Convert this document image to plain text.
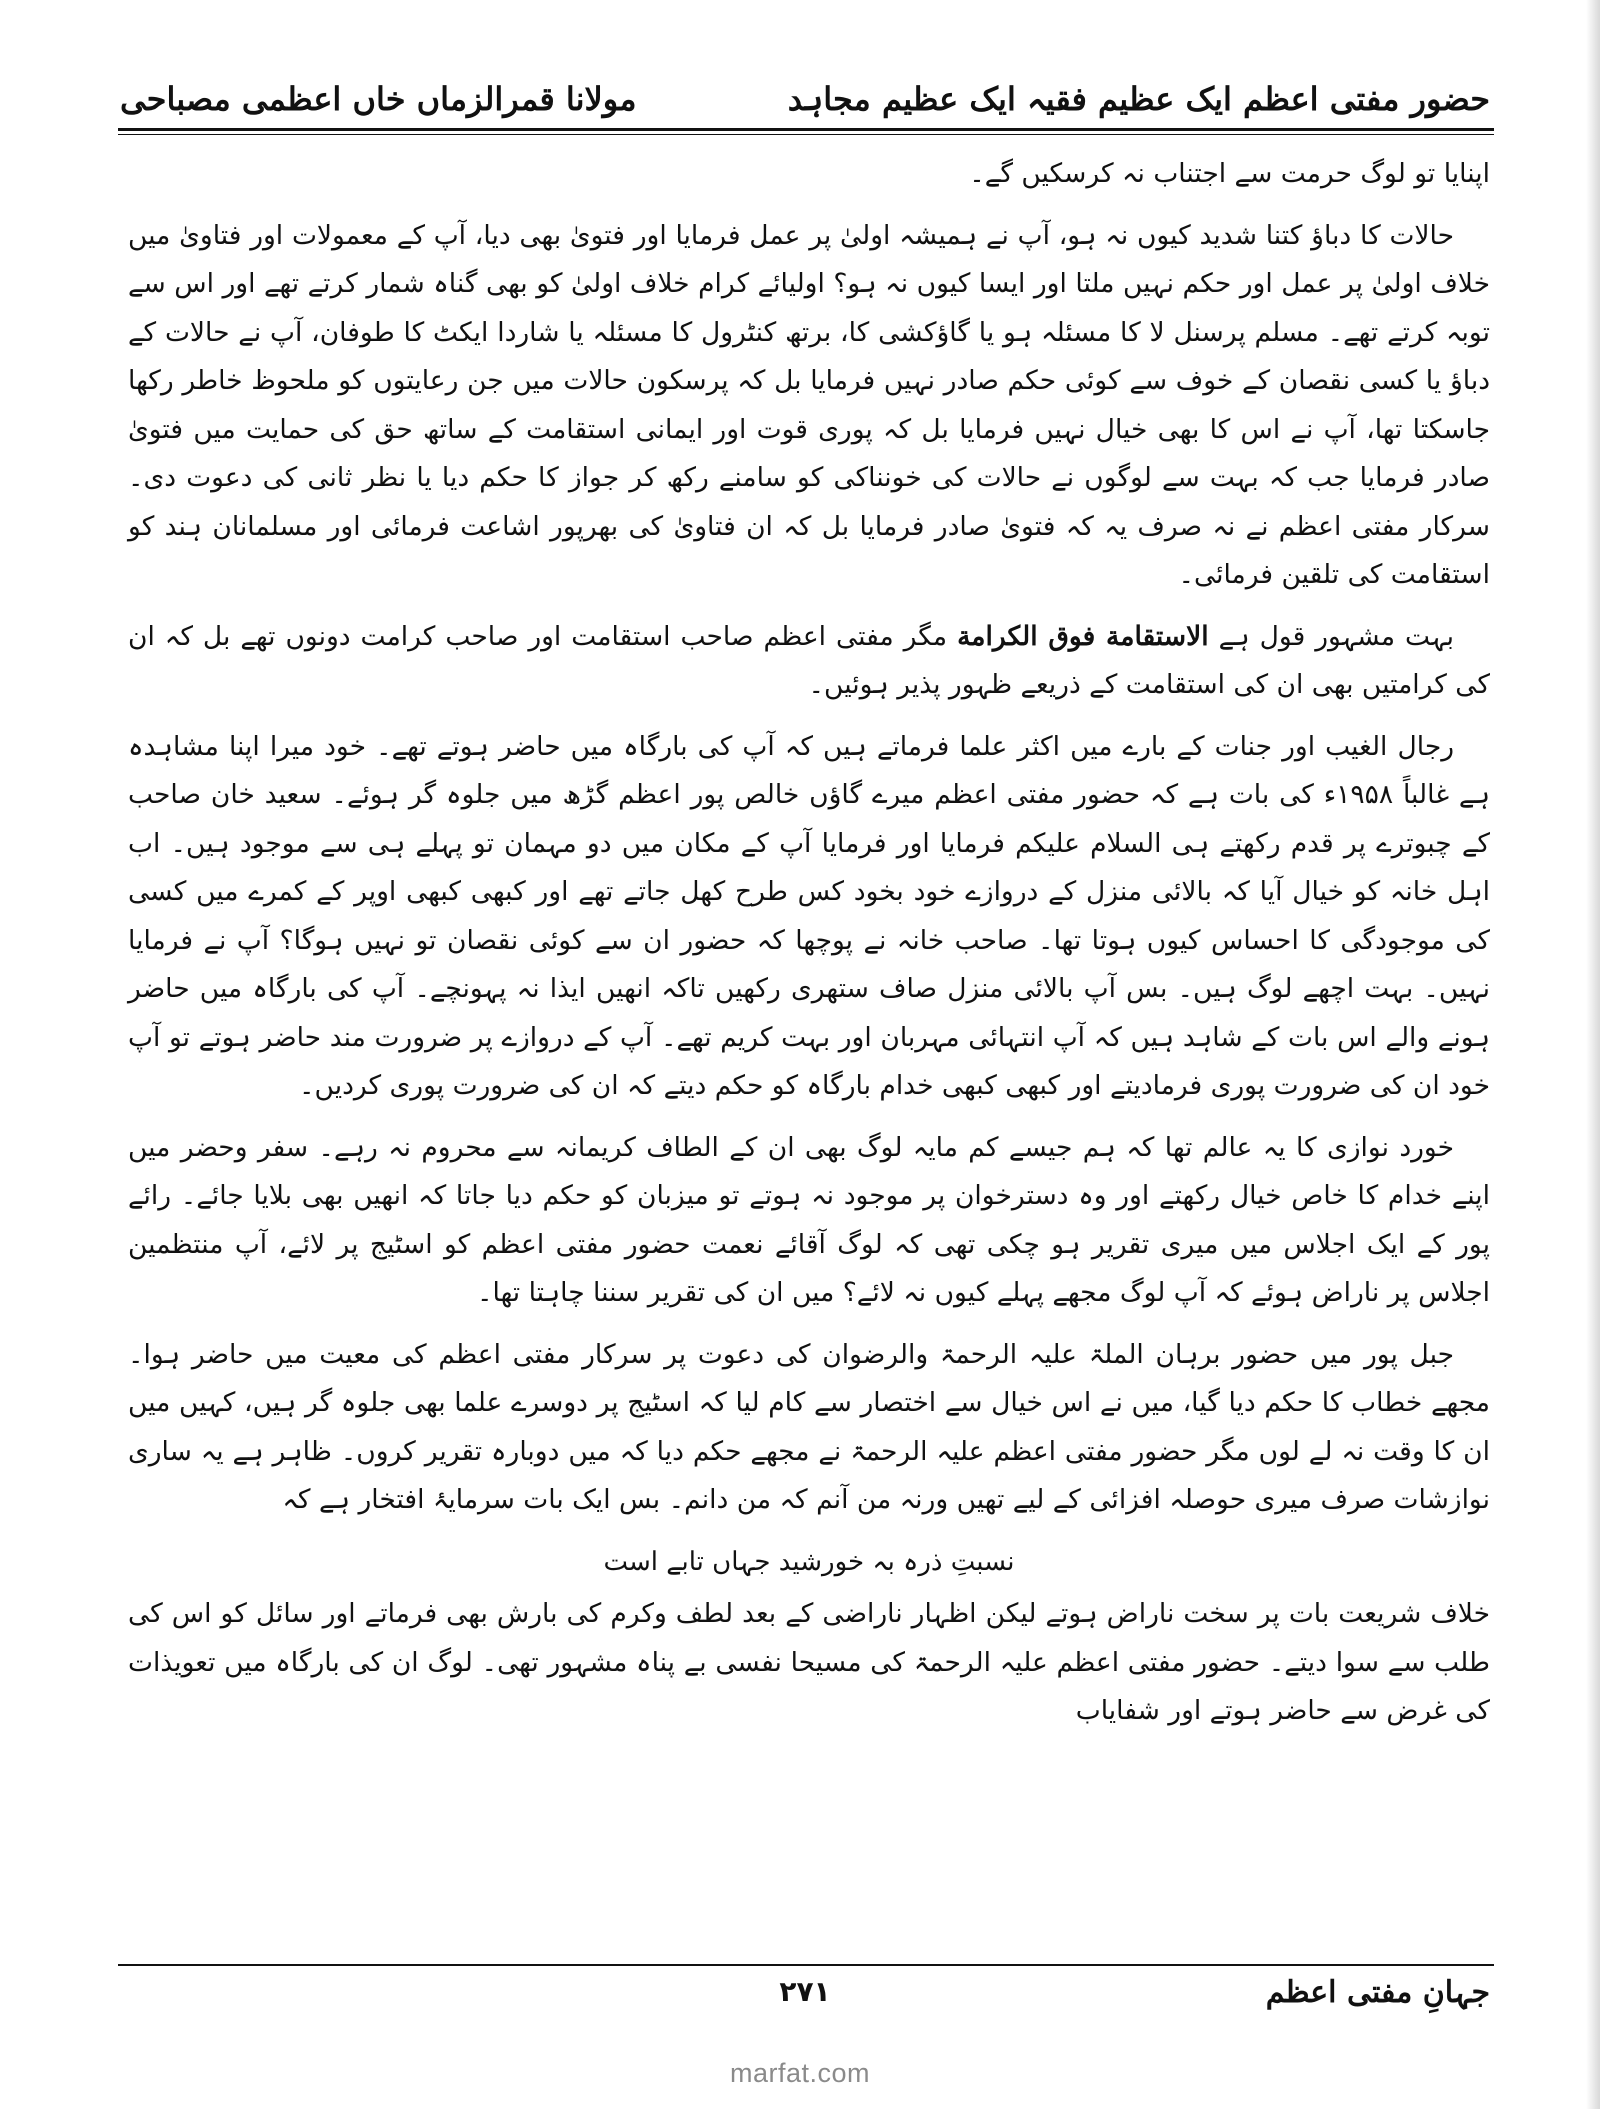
حضور مفتی اعظم ایک عظیم فقیہ ایک عظیم مجاہد
مولانا قمرالزماں خاں اعظمی مصباحی

اپنایا تو لوگ حرمت سے اجتناب نہ کرسکیں گے۔

حالات کا دباؤ کتنا شدید کیوں نہ ہو، آپ نے ہمیشہ اولیٰ پر عمل فرمایا اور فتویٰ بھی دیا، آپ کے معمولات اور فتاویٰ میں خلاف اولیٰ پر عمل اور حکم نہیں ملتا اور ایسا کیوں نہ ہو؟ اولیائے کرام خلاف اولیٰ کو بھی گناہ شمار کرتے تھے اور اس سے توبہ کرتے تھے۔ مسلم پرسنل لا کا مسئلہ ہو یا گاؤکشی کا، برتھ کنٹرول کا مسئلہ یا شاردا ایکٹ کا طوفان، آپ نے حالات کے دباؤ یا کسی نقصان کے خوف سے کوئی حکم صادر نہیں فرمایا بل کہ پرسکون حالات میں جن رعایتوں کو ملحوظ خاطر رکھا جاسکتا تھا، آپ نے اس کا بھی خیال نہیں فرمایا بل کہ پوری قوت اور ایمانی استقامت کے ساتھ حق کی حمایت میں فتویٰ صادر فرمایا جب کہ بہت سے لوگوں نے حالات کی خونناکی کو سامنے رکھ کر جواز کا حکم دیا یا نظر ثانی کی دعوت دی۔ سرکار مفتی اعظم نے نہ صرف یہ کہ فتویٰ صادر فرمایا بل کہ ان فتاویٰ کی بھرپور اشاعت فرمائی اور مسلمانان ہند کو استقامت کی تلقین فرمائی۔

بہت مشہور قول ہے الاستقامة فوق الكرامة مگر مفتی اعظم صاحب استقامت اور صاحب کرامت دونوں تھے بل کہ ان کی کرامتیں بھی ان کی استقامت کے ذریعے ظہور پذیر ہوئیں۔

رجال الغیب اور جنات کے بارے میں اکثر علما فرماتے ہیں کہ آپ کی بارگاہ میں حاضر ہوتے تھے۔ خود میرا اپنا مشاہدہ ہے غالباً ۱۹۵۸ء کی بات ہے کہ حضور مفتی اعظم میرے گاؤں خالص پور اعظم گڑھ میں جلوہ گر ہوئے۔ سعید خان صاحب کے چبوترے پر قدم رکھتے ہی السلام علیکم فرمایا اور فرمایا آپ کے مکان میں دو مہمان تو پہلے ہی سے موجود ہیں۔ اب اہل خانہ کو خیال آیا کہ بالائی منزل کے دروازے خود بخود کس طرح کھل جاتے تھے اور کبھی کبھی اوپر کے کمرے میں کسی کی موجودگی کا احساس کیوں ہوتا تھا۔ صاحب خانہ نے پوچھا کہ حضور ان سے کوئی نقصان تو نہیں ہوگا؟ آپ نے فرمایا نہیں۔ بہت اچھے لوگ ہیں۔ بس آپ بالائی منزل صاف ستھری رکھیں تاکہ انھیں ایذا نہ پہونچے۔ آپ کی بارگاہ میں حاضر ہونے والے اس بات کے شاہد ہیں کہ آپ انتہائی مہربان اور بہت کریم تھے۔ آپ کے دروازے پر ضرورت مند حاضر ہوتے تو آپ خود ان کی ضرورت پوری فرمادیتے اور کبھی کبھی خدام بارگاہ کو حکم دیتے کہ ان کی ضرورت پوری کردیں۔

خورد نوازی کا یہ عالم تھا کہ ہم جیسے کم مایہ لوگ بھی ان کے الطاف کریمانہ سے محروم نہ رہے۔ سفر وحضر میں اپنے خدام کا خاص خیال رکھتے اور وہ دسترخوان پر موجود نہ ہوتے تو میزبان کو حکم دیا جاتا کہ انھیں بھی بلایا جائے۔ رائے پور کے ایک اجلاس میں میری تقریر ہو چکی تھی کہ لوگ آقائے نعمت حضور مفتی اعظم کو اسٹیج پر لائے، آپ منتظمین اجلاس پر ناراض ہوئے کہ آپ لوگ مجھے پہلے کیوں نہ لائے؟ میں ان کی تقریر سننا چاہتا تھا۔

جبل پور میں حضور برہان الملۃ علیہ الرحمۃ والرضوان کی دعوت پر سرکار مفتی اعظم کی معیت میں حاضر ہوا۔ مجھے خطاب کا حکم دیا گیا، میں نے اس خیال سے اختصار سے کام لیا کہ اسٹیج پر دوسرے علما بھی جلوہ گر ہیں، کہیں میں ان کا وقت نہ لے لوں مگر حضور مفتی اعظم علیہ الرحمۃ نے مجھے حکم دیا کہ میں دوبارہ تقریر کروں۔ ظاہر ہے یہ ساری نوازشات صرف میری حوصلہ افزائی کے لیے تھیں ورنہ من آنم کہ من دانم۔ بس ایک بات سرمایۂ افتخار ہے کہ

نسبتِ ذرہ بہ خورشید جہاں تابے است

خلاف شریعت بات پر سخت ناراض ہوتے لیکن اظہار ناراضی کے بعد لطف وکرم کی بارش بھی فرماتے اور سائل کو اس کی طلب سے سوا دیتے۔ حضور مفتی اعظم علیہ الرحمۃ کی مسیحا نفسی بے پناہ مشہور تھی۔ لوگ ان کی بارگاہ میں تعویذات کی غرض سے حاضر ہوتے اور شفایاب

جہانِ مفتی اعظم
۲۷۱
marfat.com
